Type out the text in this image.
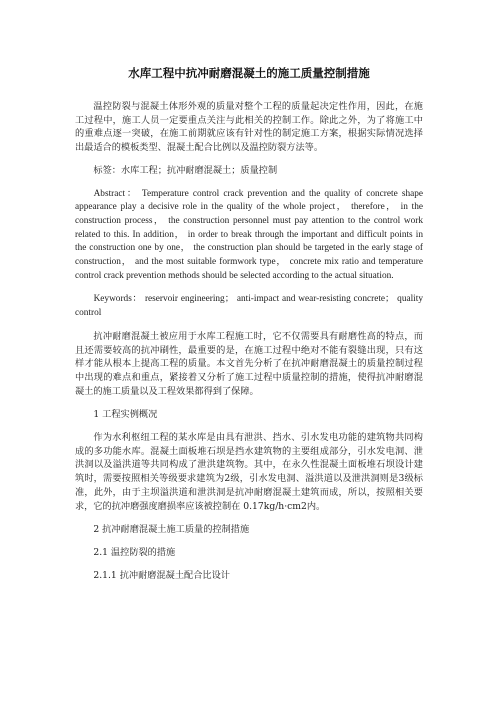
水库工程中抗冲耐磨混凝土的施工质量控制措施

温控防裂与混凝土体形外观的质量对整个工程的质量起决定性作用，因此，在施工过程中，施工人员一定要重点关注与此相关的控制工作。除此之外，为了将施工中的重难点逐一突破，在施工前期就应该有针对性的制定施工方案，根据实际情况选择出最适合的模板类型、混凝土配合比例以及温控防裂方法等。

标签：水库工程；抗冲耐磨混凝土；质量控制

Abstract： Temperature control crack prevention and the quality of concrete shape appearance play a decisive role in the quality of the whole project， therefore， in the construction process， the construction personnel must pay attention to the control work related to this. In addition， in order to break through the important and difficult points in the construction one by one， the construction plan should be targeted in the early stage of construction， and the most suitable formwork type， concrete mix ratio and temperature control crack prevention methods should be selected according to the actual situation.

Keywords： reservoir engineering； anti-impact and wear-resisting concrete； quality control

抗冲耐磨混凝土被应用于水库工程施工时，它不仅需要具有耐磨性高的特点，而且还需要较高的抗冲刷性，最重要的是，在施工过程中绝对不能有裂缝出现，只有这样才能从根本上提高工程的质量。本文首先分析了在抗冲耐磨混凝土的质量控制过程中出现的难点和重点，紧接着又分析了施工过程中质量控制的措施，使得抗冲耐磨混凝土的施工质量以及工程效果都得到了保障。

1 工程实例概况

作为水利枢纽工程的某水库是由具有泄洪、挡水、引水发电功能的建筑物共同构成的多功能水库。混凝土面板堆石坝是挡水建筑物的主要组成部分，引水发电洞、泄洪洞以及溢洪道等共同构成了泄洪建筑物。其中，在永久性混凝土面板堆石坝设计建筑时，需要按照相关等级要求建筑为2级，引水发电洞、溢洪道以及泄洪洞则是3级标准，此外，由于主坝溢洪道和泄洪洞是抗冲耐磨混凝土建筑而成，所以，按照相关要求，它的抗冲磨强度磨损率应该被控制在 0.17kg/h·cm2内。

2 抗冲耐磨混凝土施工质量的控制措施
2.1 温控防裂的措施
2.1.1 抗冲耐磨混凝土配合比设计
